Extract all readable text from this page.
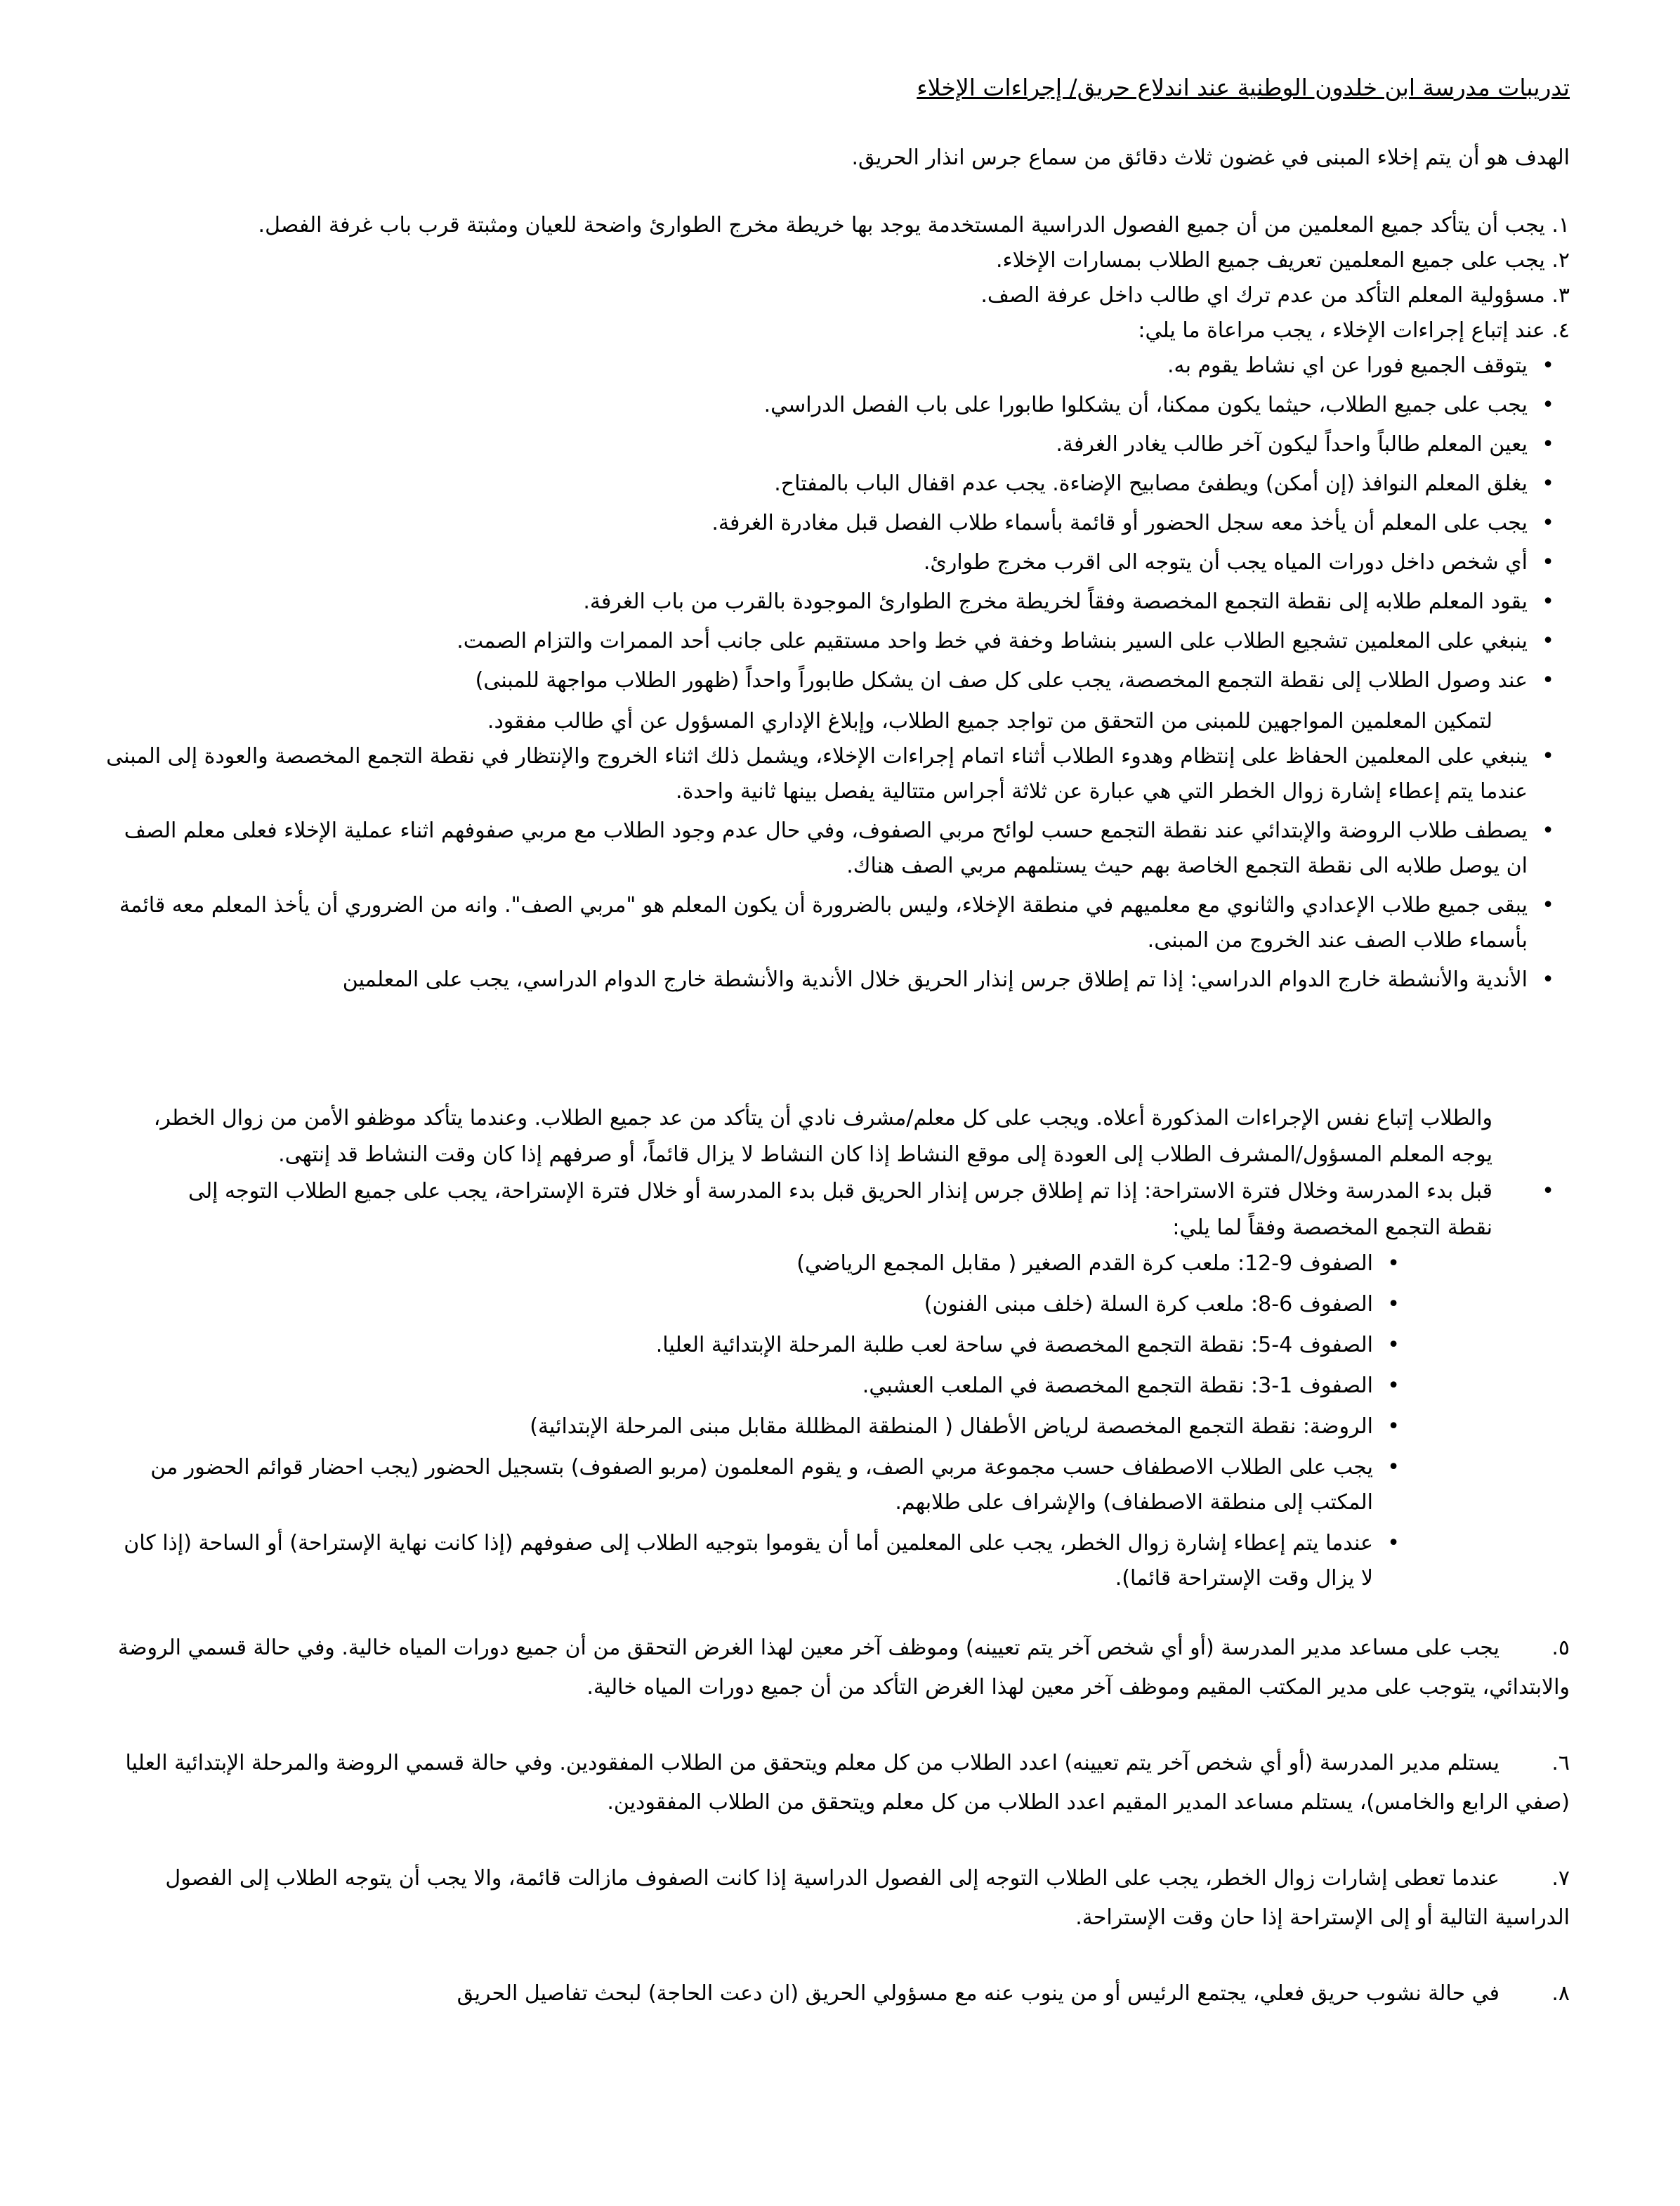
تدريبات مدرسة ابن خلدون الوطنية عند اندلاع حريق/ إجراءات الإخلاء

الهدف هو أن يتم إخلاء المبنى في غضون ثلاث دقائق من سماع جرس انذار الحريق.

١. يجب أن يتأكد جميع المعلمين من أن جميع الفصول الدراسية المستخدمة يوجد بها خريطة مخرج الطوارئ واضحة للعيان ومثبتة قرب باب غرفة الفصل.

٢. يجب على جميع المعلمين تعريف جميع الطلاب بمسارات الإخلاء.

٣. مسؤولية المعلم التأكد من عدم ترك اي طالب داخل عرفة الصف.

٤. عند إتباع إجراءات الإخلاء ، يجب مراعاة ما يلي:

• يتوقف الجميع فورا عن اي نشاط يقوم به.
• يجب على جميع الطلاب، حيثما يكون ممكنا، أن يشكلوا طابورا على باب الفصل الدراسي.
• يعين المعلم طالباً واحداً ليكون آخر طالب يغادر الغرفة.
• يغلق المعلم النوافذ (إن أمكن) ويطفئ مصابيح الإضاءة. يجب عدم اقفال الباب بالمفتاح.
• يجب على المعلم أن يأخذ معه سجل الحضور أو قائمة بأسماء طلاب الفصل قبل مغادرة الغرفة.
• أي شخص داخل دورات المياه يجب أن يتوجه الى اقرب مخرج طوارئ.
• يقود المعلم طلابه إلى نقطة التجمع المخصصة وفقاً لخريطة مخرج الطوارئ الموجودة بالقرب من باب الغرفة.
• ينبغي على المعلمين تشجيع الطلاب على السير بنشاط وخفة في خط واحد مستقيم على جانب أحد الممرات والتزام الصمت.
• عند وصول الطلاب إلى نقطة التجمع المخصصة، يجب على كل صف ان يشكل طابوراً واحداً (ظهور الطلاب مواجهة للمبنى)

لتمكين المعلمين المواجهين للمبنى من التحقق من تواجد جميع الطلاب، وإبلاغ الإداري المسؤول عن أي طالب مفقود.

• ينبغي على المعلمين الحفاظ على إنتظام وهدوء الطلاب أثناء اتمام إجراءات الإخلاء، ويشمل ذلك اثناء الخروج والإنتظار في نقطة التجمع المخصصة والعودة إلى المبنى عندما يتم إعطاء إشارة زوال الخطر التي هي عبارة عن ثلاثة أجراس متتالية يفصل بينها ثانية واحدة.
• يصطف طلاب الروضة والإبتدائي عند نقطة التجمع حسب لوائح مربي الصفوف، وفي حال عدم وجود الطلاب مع مربي صفوفهم اثناء عملية الإخلاء فعلى معلم الصف ان يوصل طلابه الى نقطة التجمع الخاصة بهم حيث يستلمهم مربي الصف هناك.
• يبقى جميع طلاب الإعدادي والثانوي مع معلميهم في منطقة الإخلاء، وليس بالضرورة أن يكون المعلم هو "مربي الصف". وانه من الضروري أن يأخذ المعلم معه قائمة بأسماء طلاب الصف عند الخروج من المبنى.
• الأندية والأنشطة خارج الدوام الدراسي: إذا تم إطلاق جرس إنذار الحريق خلال الأندية والأنشطة خارج الدوام الدراسي، يجب على المعلمين

والطلاب إتباع نفس الإجراءات المذكورة أعلاه. ويجب على كل معلم/مشرف نادي أن يتأكد من عد جميع الطلاب. وعندما يتأكد موظفو الأمن من زوال الخطر، يوجه المعلم المسؤول/المشرف الطلاب إلى العودة إلى موقع النشاط إذا كان النشاط لا يزال قائماً، أو صرفهم إذا كان وقت النشاط قد إنتهى.

• قبل بدء المدرسة وخلال فترة الاستراحة: إذا تم إطلاق جرس إنذار الحريق قبل بدء المدرسة أو خلال فترة الإستراحة، يجب على جميع الطلاب التوجه إلى نقطة التجمع المخصصة وفقاً لما يلي:
• الصفوف 9-12: ملعب كرة القدم الصغير ( مقابل المجمع الرياضي)
• الصفوف 6-8: ملعب كرة السلة (خلف مبنى الفنون)
• الصفوف 4-5: نقطة التجمع المخصصة في ساحة لعب طلبة المرحلة الإبتدائية العليا.
• الصفوف 1-3: نقطة التجمع المخصصة في الملعب العشبي.
• الروضة: نقطة التجمع المخصصة لرياض الأطفال ( المنطقة المظللة مقابل مبنى المرحلة الإبتدائية)
• يجب على الطلاب الاصطفاف حسب مجموعة مربي الصف، و يقوم المعلمون (مربو الصفوف) بتسجيل الحضور (يجب احضار قوائم الحضور من المكتب إلى منطقة الاصطفاف) والإشراف على طلابهم.
• عندما يتم إعطاء إشارة زوال الخطر، يجب على المعلمين أما أن يقوموا بتوجيه الطلاب إلى صفوفهم (إذا كانت نهاية الإستراحة) أو الساحة (إذا كان لا يزال وقت الإستراحة قائما).

٥.يجب على مساعد مدير المدرسة (أو أي شخص آخر يتم تعيينه) وموظف آخر معين لهذا الغرض التحقق من أن جميع دورات المياه خالية. وفي حالة قسمي الروضة والابتدائي، يتوجب على مدير المكتب المقيم وموظف آخر معين لهذا الغرض التأكد من أن جميع دورات المياه خالية.

٦.يستلم مدير المدرسة (أو أي شخص آخر يتم تعيينه) اعدد الطلاب من كل معلم ويتحقق من الطلاب المفقودين. وفي حالة قسمي الروضة والمرحلة الإبتدائية العليا (صفي الرابع والخامس)، يستلم مساعد المدير المقيم اعدد الطلاب من كل معلم ويتحقق من الطلاب المفقودين.

٧.عندما تعطى إشارات زوال الخطر، يجب على الطلاب التوجه إلى الفصول الدراسية إذا كانت الصفوف مازالت قائمة، والا يجب أن يتوجه الطلاب إلى الفصول الدراسية التالية أو إلى الإستراحة إذا حان وقت الإستراحة.

٨.في حالة نشوب حريق فعلي، يجتمع الرئيس أو من ينوب عنه مع مسؤولي الحريق (ان دعت الحاجة) لبحث تفاصيل الحريق
